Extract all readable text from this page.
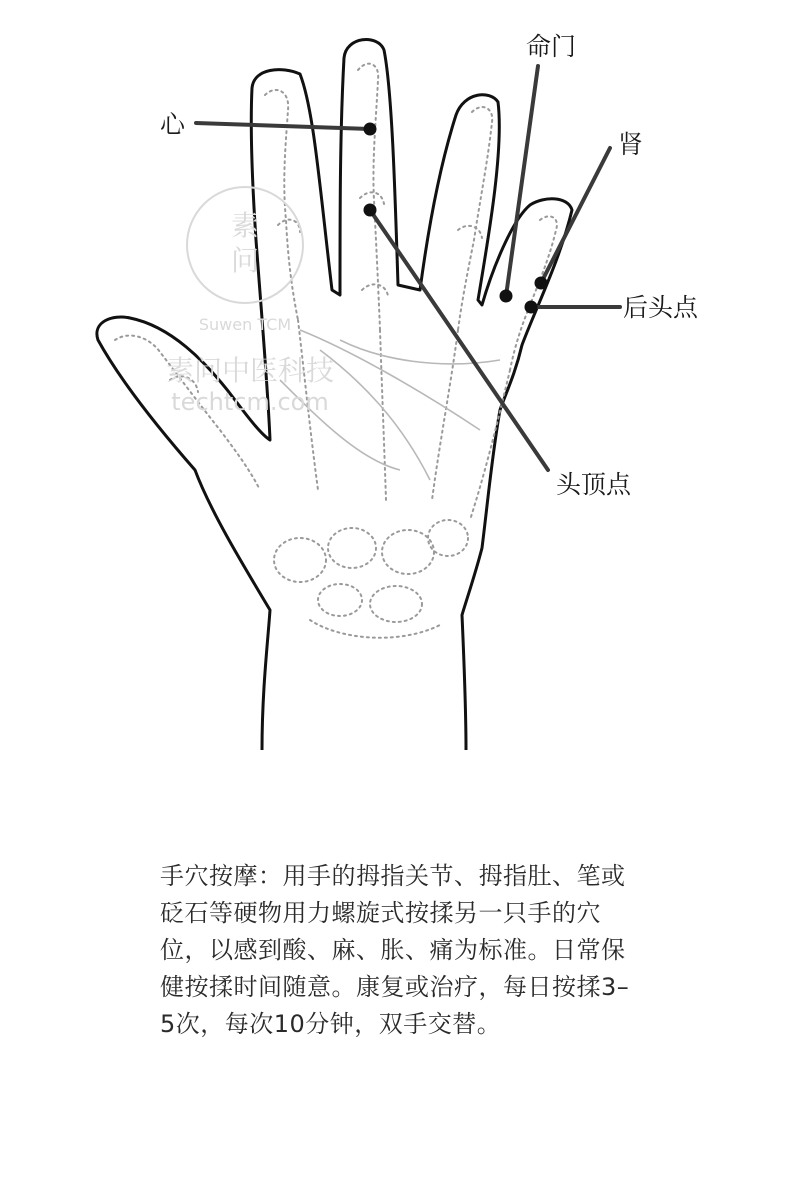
素
问
Suwen TCM
素问中医科技
techtcm.com
命门
肾
心
后头点
头顶点
手穴按摩：用手的拇指关节、拇指肚、笔或砭石等硬物用力螺旋式按揉另一只手的穴位，以感到酸、麻、胀、痛为标准。日常保健按揉时间随意。康复或治疗，每日按揉3–5次，每次10分钟，双手交替。
